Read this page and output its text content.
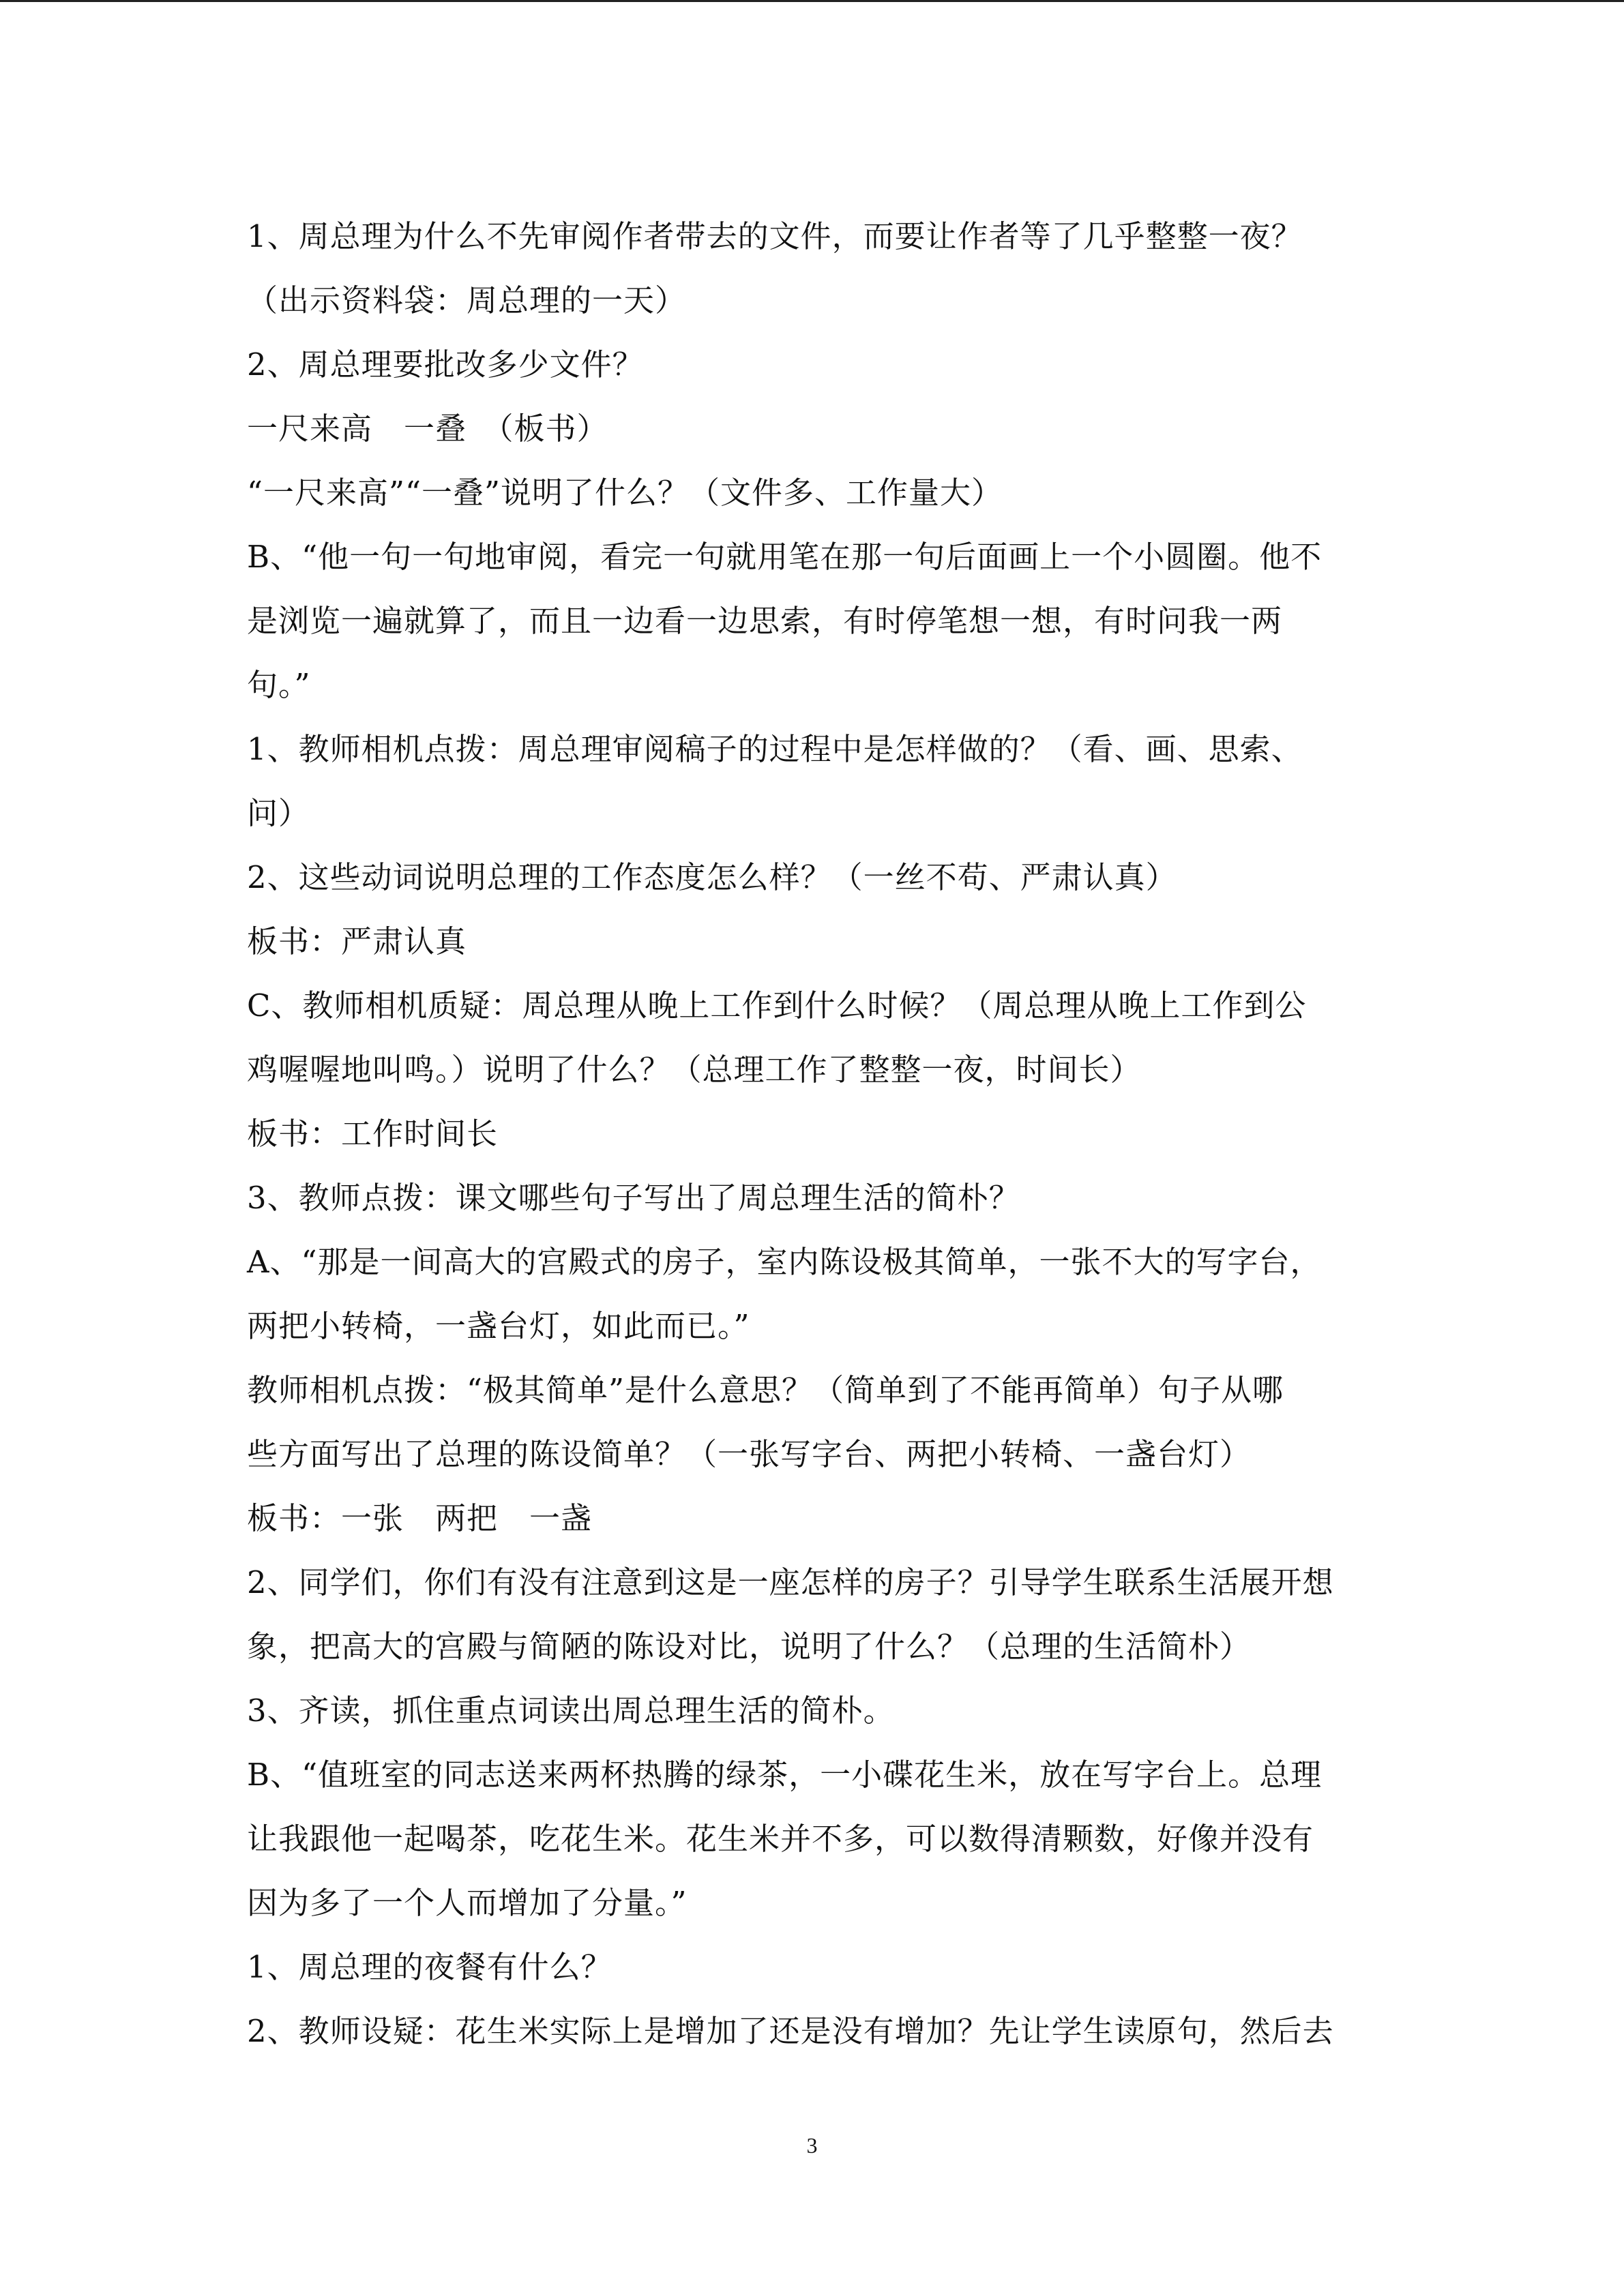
1、周总理为什么不先审阅作者带去的文件，而要让作者等了几乎整整一夜？
（出示资料袋：周总理的一天）
2、周总理要批改多少文件？
一尺来高　一叠　（板书）
“一尺来高”“一叠”说明了什么？（文件多、工作量大）
B、“他一句一句地审阅，看完一句就用笔在那一句后面画上一个小圆圈。他不
是浏览一遍就算了，而且一边看一边思索，有时停笔想一想，有时问我一两
句。”
1、教师相机点拨：周总理审阅稿子的过程中是怎样做的？（看、画、思索、
问）
2、这些动词说明总理的工作态度怎么样？（一丝不苟、严肃认真）
板书：严肃认真
C、教师相机质疑：周总理从晚上工作到什么时候？（周总理从晚上工作到公
鸡喔喔地叫鸣。）说明了什么？（总理工作了整整一夜，时间长）
板书：工作时间长
3、教师点拨：课文哪些句子写出了周总理生活的简朴？
A、“那是一间高大的宫殿式的房子，室内陈设极其简单，一张不大的写字台，
两把小转椅，一盏台灯，如此而已。”
教师相机点拨：“极其简单”是什么意思？（简单到了不能再简单）句子从哪
些方面写出了总理的陈设简单？（一张写字台、两把小转椅、一盏台灯）
板书：一张　两把　一盏
2、同学们，你们有没有注意到这是一座怎样的房子？引导学生联系生活展开想
象，把高大的宫殿与简陋的陈设对比，说明了什么？（总理的生活简朴）
3、齐读，抓住重点词读出周总理生活的简朴。
B、“值班室的同志送来两杯热腾的绿茶，一小碟花生米，放在写字台上。总理
让我跟他一起喝茶，吃花生米。花生米并不多，可以数得清颗数，好像并没有
因为多了一个人而增加了分量。”
1、周总理的夜餐有什么？
2、教师设疑：花生米实际上是增加了还是没有增加？先让学生读原句，然后去
3
